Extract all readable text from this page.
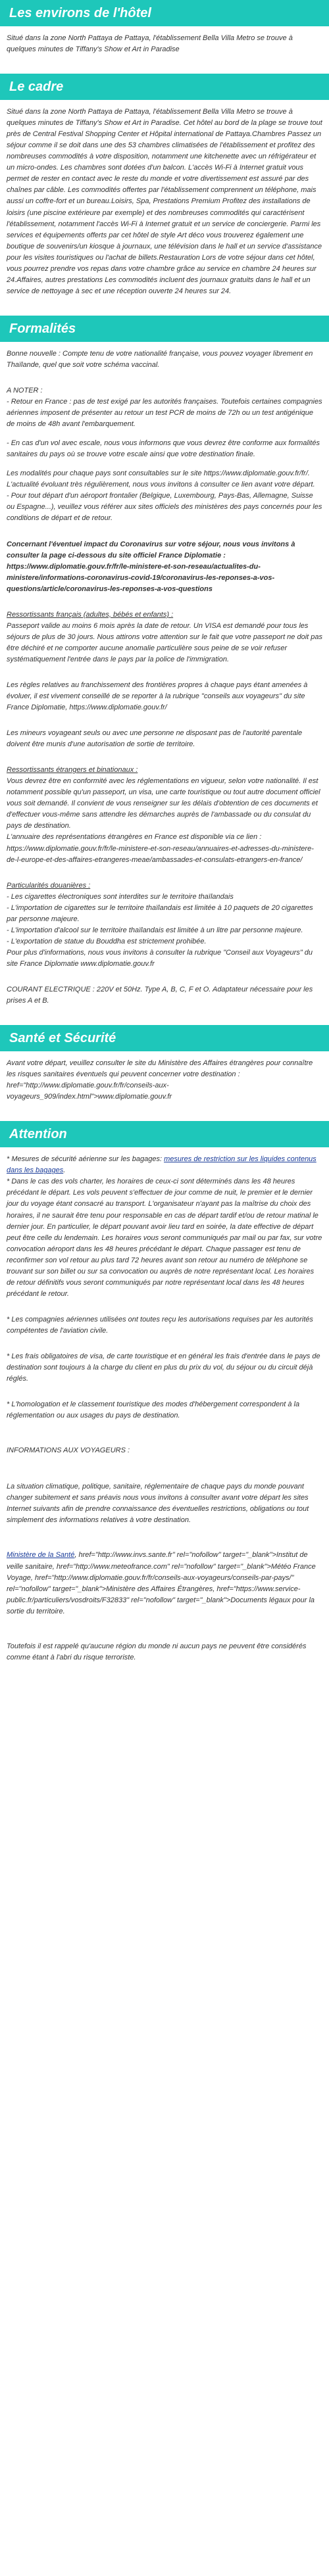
Les environs de l'hôtel

Situé dans la zone North Pattaya de Pattaya, l'établissement Bella Villa Metro se trouve à quelques minutes de Tiffany's Show et Art in Paradise

Le cadre

Situé dans la zone North Pattaya de Pattaya, l'établissement Bella Villa Metro se trouve à quelques minutes de Tiffany's Show et Art in Paradise. Cet hôtel au bord de la plage se trouve tout près de Central Festival Shopping Center et Hôpital international de Pattaya.Chambres Passez un séjour comme il se doit dans une des 53 chambres climatisées de l'établissement et profitez des nombreuses commodités à votre disposition, notamment une kitchenette avec un réfrigérateur et un micro-ondes. Les chambres sont dotées d'un balcon. L'accès Wi-Fi à Internet gratuit vous permet de rester en contact avec le reste du monde et votre divertissement est assuré par des chaînes par câble. Les commodités offertes par l'établissement comprennent un téléphone, mais aussi un coffre-fort et un bureau.Loisirs, Spa, Prestations Premium Profitez des installations de loisirs (une piscine extérieure par exemple) et des nombreuses commodités qui caractérisent l'établissement, notamment l'accès Wi-Fi à Internet gratuit et un service de conciergerie. Parmi les services et équipements offerts par cet hôtel de style Art déco vous trouverez également une boutique de souvenirs/un kiosque à journaux, une télévision dans le hall et un service d'assistance pour les visites touristiques ou l'achat de billets.Restauration Lors de votre séjour dans cet hôtel, vous pourrez prendre vos repas dans votre chambre grâce au service en chambre 24 heures sur 24.Affaires, autres prestations Les commodités incluent des journaux gratuits dans le hall et un service de nettoyage à sec et une réception ouverte 24 heures sur 24.

Formalités

Bonne nouvelle : Compte tenu de votre nationalité française, vous pouvez voyager librement en Thaïlande, quel que soit votre schéma vaccinal.

A NOTER :

- Retour en France : pas de test exigé par les autorités françaises. Toutefois certaines compagnies aériennes imposent de présenter au retour un test PCR de moins de 72h ou un test antigénique de moins de 48h avant l'embarquement.

- En cas d'un vol avec escale, nous vous informons que vous devrez être conforme aux formalités sanitaires du pays où se trouve votre escale ainsi que votre destination finale.

Les modalités pour chaque pays sont consultables sur le site https://www.diplomatie.gouv.fr/fr/. L'actualité évoluant très régulièrement, nous vous invitons à consulter ce lien avant votre départ.

- Pour tout départ d'un aéroport frontalier (Belgique, Luxembourg, Pays-Bas, Allemagne, Suisse ou Espagne...), veuillez vous référer aux sites officiels des ministères des pays concernés pour les conditions de départ et de retour.

Concernant l'éventuel impact du Coronavirus sur votre séjour, nous vous invitons à consulter la page ci-dessous du site officiel France Diplomatie : https://www.diplomatie.gouv.fr/fr/le-ministere-et-son-reseau/actualites-du-ministere/informations-coronavirus-covid-19/coronavirus-les-reponses-a-vos-questions/article/coronavirus-les-reponses-a-vos-questions

Ressortissants français (adultes, bébés et enfants) :

Passeport valide au moins 6 mois après la date de retour. Un VISA est demandé pour tous les séjours de plus de 30 jours. Nous attirons votre attention sur le fait que votre passeport ne doit pas être déchiré et ne comporter aucune anomalie particulière sous peine de se voir refuser systématiquement l'entrée dans le pays par la police de l'immigration.

Les règles relatives au franchissement des frontières propres à chaque pays étant amenées à évoluer, il est vivement conseillé de se reporter à la rubrique "conseils aux voyageurs" du site France Diplomatie, https://www.diplomatie.gouv.fr/

Les mineurs voyageant seuls ou avec une personne ne disposant pas de l'autorité parentale doivent être munis d'une autorisation de sortie de territoire.

Ressortissants étrangers et binationaux :

Vous devrez être en conformité avec les réglementations en vigueur, selon votre nationalité. Il est notamment possible qu'un passeport, un visa, une carte touristique ou tout autre document officiel vous soit demandé. Il convient de vous renseigner sur les délais d'obtention de ces documents et d'effectuer vous-même sans attendre les démarches auprès de l'ambassade ou du consulat du pays de destination.

L'annuaire des représentations étrangères en France est disponible via ce lien : https://www.diplomatie.gouv.fr/fr/le-ministere-et-son-reseau/annuaires-et-adresses-du-ministere-de-l-europe-et-des-affaires-etrangeres-meae/ambassades-et-consulats-etrangers-en-france/

Particularités douanières :

- Les cigarettes électroniques sont interdites sur le territoire thaïlandais

- L'importation de cigarettes sur le territoire thaïlandais est limitée à 10 paquets de 20 cigarettes par personne majeure.

- L'importation d'alcool sur le territoire thaïlandais est limitée à un litre par personne majeure.

- L'exportation de statue du Bouddha est strictement prohibée.

Pour plus d'informations, nous vous invitons à consulter la rubrique "Conseil aux Voyageurs" du site France Diplomatie www.diplomatie.gouv.fr

COURANT ELECTRIQUE : 220V et 50Hz. Type A, B, C, F et O. Adaptateur nécessaire pour les prises A et B.

Santé et Sécurité

Avant votre départ, veuillez consulter le site du Ministère des Affaires étrangères pour connaître les risques sanitaires éventuels qui peuvent concerner votre destination : href="http://www.diplomatie.gouv.fr/fr/conseils-aux-voyageurs_909/index.html">www.diplomatie.gouv.fr

Attention

* Mesures de sécurité aérienne sur les bagages: mesures de restriction sur les liquides contenus dans les bagages.

* Dans le cas des vols charter, les horaires de ceux-ci sont déterminés dans les 48 heures précédant le départ. Les vols peuvent s'effectuer de jour comme de nuit, le premier et le dernier jour du voyage étant consacré au transport. L'organisateur n'ayant pas la maîtrise du choix des horaires, il ne saurait être tenu pour responsable en cas de départ tardif et/ou de retour matinal le dernier jour. En particulier, le départ pouvant avoir lieu tard en soirée, la date effective de départ peut être celle du lendemain. Les horaires vous seront communiqués par mail ou par fax, sur votre convocation aéroport dans les 48 heures précédant le départ. Chaque passager est tenu de reconfirmer son vol retour au plus tard 72 heures avant son retour au numéro de téléphone se trouvant sur son billet ou sur sa convocation ou auprès de notre représentant local. Les horaires de retour définitifs vous seront communiqués par notre représentant local dans les 48 heures précédant le retour.

* Les compagnies aériennes utilisées ont toutes reçu les autorisations requises par les autorités compétentes de l'aviation civile.

* Les frais obligatoires de visa, de carte touristique et en général les frais d'entrée dans le pays de destination sont toujours à la charge du client en plus du prix du vol, du séjour ou du circuit déjà réglés.

* L'homologation et le classement touristique des modes d'hébergement correspondent à la réglementation ou aux usages du pays de destination.

INFORMATIONS AUX VOYAGEURS :

La situation climatique, politique, sanitaire, réglementaire de chaque pays du monde pouvant changer subitement et sans préavis nous vous invitons à consulter avant votre départ les sites Internet suivants afin de prendre connaissance des éventuelles restrictions, obligations ou tout simplement des informations relatives à votre destination.

Ministère de la Santé, href="http://www.invs.sante.fr" rel="nofollow" target="_blank">Institut de veille sanitaire, href="http://www.meteofrance.com" rel="nofollow" target="_blank">Météo France Voyage, href="http://www.diplomatie.gouv.fr/fr/conseils-aux-voyageurs/conseils-par-pays/" rel="nofollow" target="_blank">Ministère des Affaires Étrangères, href="https://www.service-public.fr/particuliers/vosdroits/F32833" rel="nofollow" target="_blank">Documents légaux pour la sortie du territoire.

Toutefois il est rappelé qu'aucune région du monde ni aucun pays ne peuvent être considérés comme étant à l'abri du risque terroriste.
